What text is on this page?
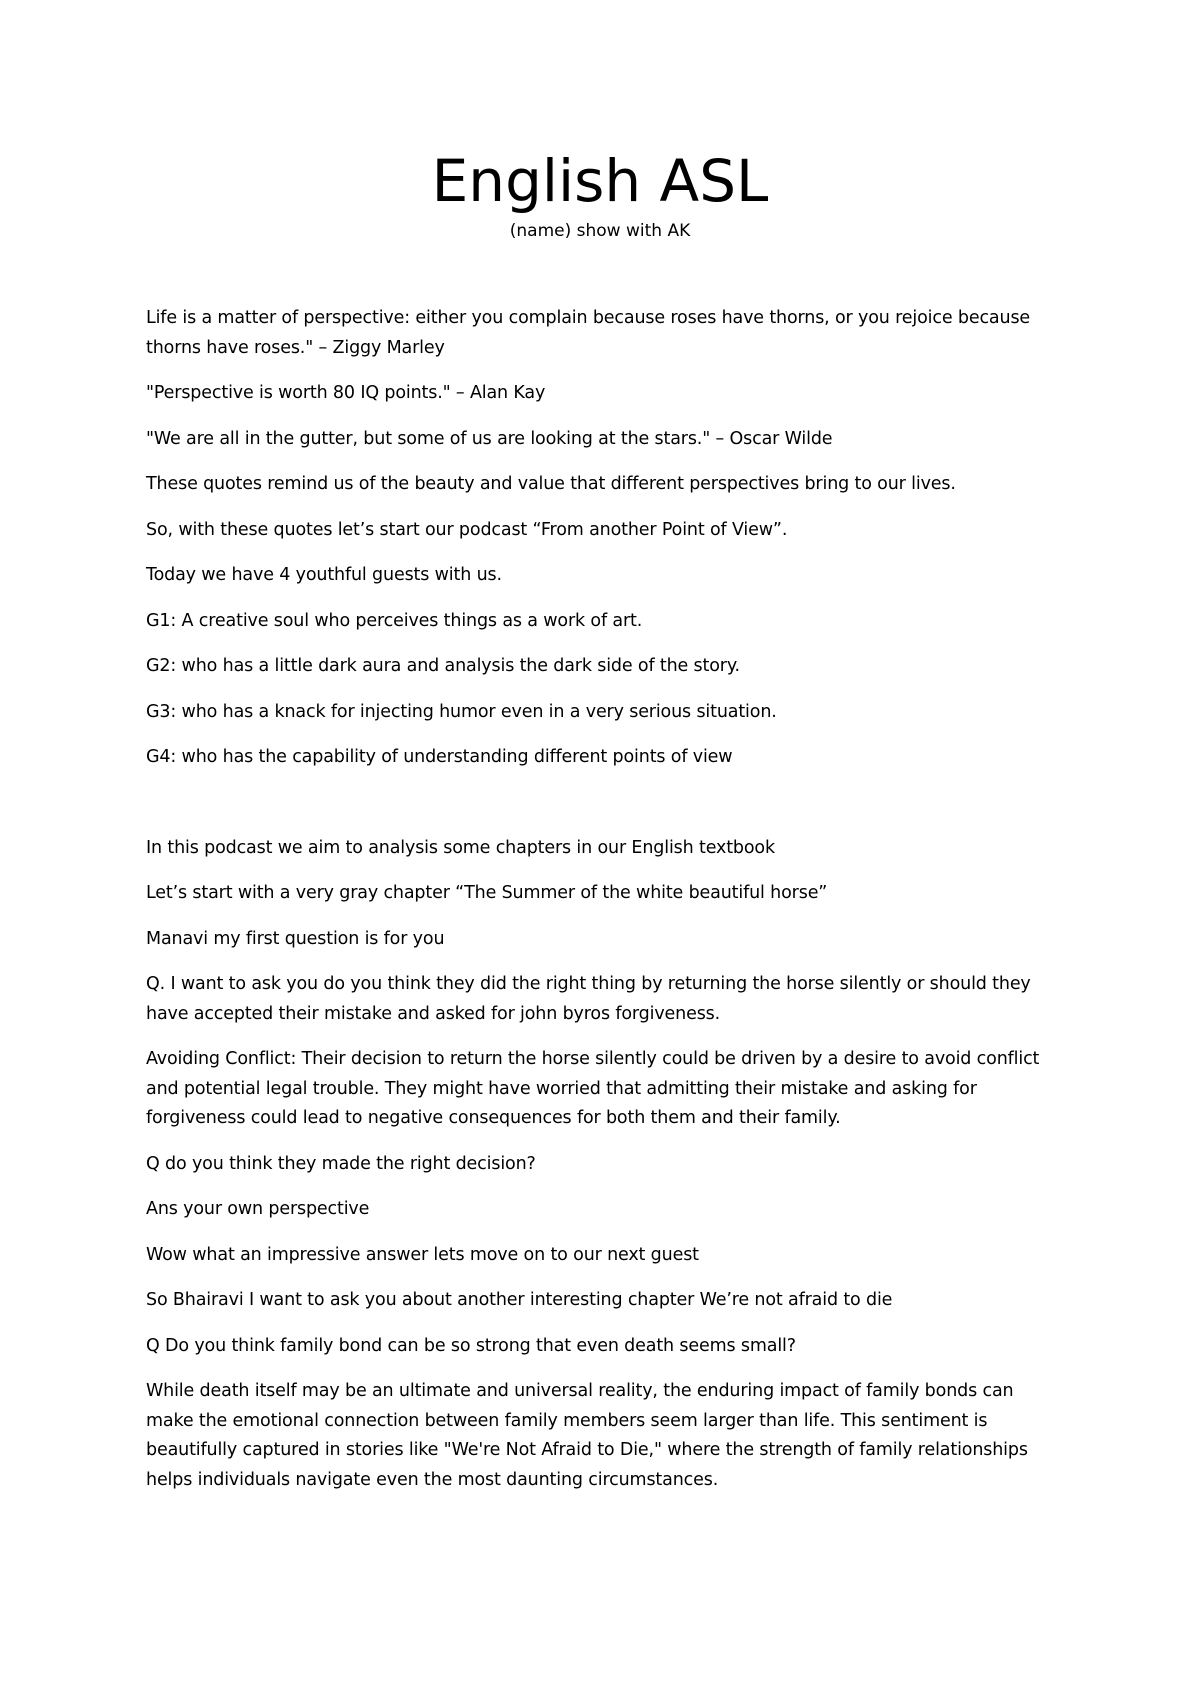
English ASL
(name) show with AK

Life is a matter of perspective: either you complain because roses have thorns, or you rejoice because thorns have roses." – Ziggy Marley

"Perspective is worth 80 IQ points." – Alan Kay

"We are all in the gutter, but some of us are looking at the stars." – Oscar Wilde

These quotes remind us of the beauty and value that different perspectives bring to our lives.

So, with these quotes let’s start our podcast “From another Point of View”.

Today we have 4 youthful guests with us.

G1: A creative soul who perceives things as a work of art.

G2: who has a little dark aura and analysis the dark side of the story.

G3: who has a knack for injecting humor even in a very serious situation.

G4: who has the capability of understanding different points of view

In this podcast we aim to analysis some chapters in our English textbook

Let’s start with a very gray chapter “The Summer of the white beautiful horse”

Manavi my first question is for you

Q. I want to ask you do you think they did the right thing by returning the horse silently or should they have accepted their mistake and asked for john byros forgiveness.

Avoiding Conflict: Their decision to return the horse silently could be driven by a desire to avoid conflict and potential legal trouble. They might have worried that admitting their mistake and asking for forgiveness could lead to negative consequences for both them and their family.

Q do you think they made the right decision?

Ans your own perspective

Wow what an impressive answer lets move on to our next guest

So Bhairavi I want to ask you about another interesting chapter We’re not afraid to die

Q Do you think family bond can be so strong that even death seems small?

While death itself may be an ultimate and universal reality, the enduring impact of family bonds can make the emotional connection between family members seem larger than life. This sentiment is beautifully captured in stories like "We're Not Afraid to Die," where the strength of family relationships helps individuals navigate even the most daunting circumstances.
